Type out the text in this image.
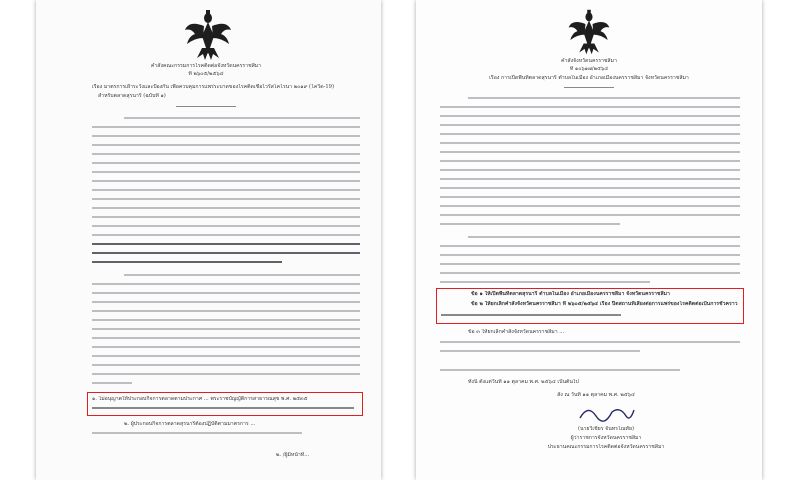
คำสั่งคณะกรรมการโรคติดต่อจังหวัดนครราชสีมา
ที่ ๒๖๐๕/๒๕๖๔
เรื่อง มาตรการเฝ้าระวังและป้องกัน เพื่อควบคุมการแพร่ระบาดของโรคติดเชื้อไวรัสโคโรนา ๒๐๑๙ (โควิด-19)
สำหรับตลาดสุรนารี (ฉบับที่ ๑)
๑. ไม่อนุญาตให้ประกอบกิจการตลาดตามประกาศ ... พระราชบัญญัติการสาธารณสุข พ.ศ. ๒๕๓๕
๒. ผู้ประกอบกิจการตลาดสุรนารีต้องปฏิบัติตามมาตรการ ...
๒. /ผู้มีหน้าที่...
คำสั่งจังหวัดนครราชสีมา
ที่ ๑๐๖๑๗/๒๕๖๔
เรื่อง การเปิดพื้นที่ตลาดสุรนารี ตำบลในเมือง อำเภอเมืองนครราชสีมา จังหวัดนครราชสีมา
ข้อ ๑ ให้เปิดพื้นที่ตลาดสุรนารี ตำบลในเมือง อำเภอเมืองนครราชสีมา จังหวัดนครราชสีมา
ข้อ ๒ ให้ยกเลิกคำสั่งจังหวัดนครราชสีมา ที่ ๒๖๐๕/๒๕๖๔ เรื่อง ปิดสถานที่เสี่ยงต่อการแพร่ของโรคติดต่อเป็นการชั่วคราว
ข้อ ๓ ให้ยกเลิกคำสั่งจังหวัดนครราชสีมา ...
ทั้งนี้ ตั้งแต่วันที่ ๑๑ ตุลาคม พ.ศ. ๒๕๖๔ เป็นต้นไป
สั่ง ณ วันที่ ๑๑ ตุลาคม พ.ศ. ๒๕๖๔
(นายวิเชียร จันทรโณทัย)
ผู้ว่าราชการจังหวัดนครราชสีมา
ประธานคณะกรรมการโรคติดต่อจังหวัดนครราชสีมา
